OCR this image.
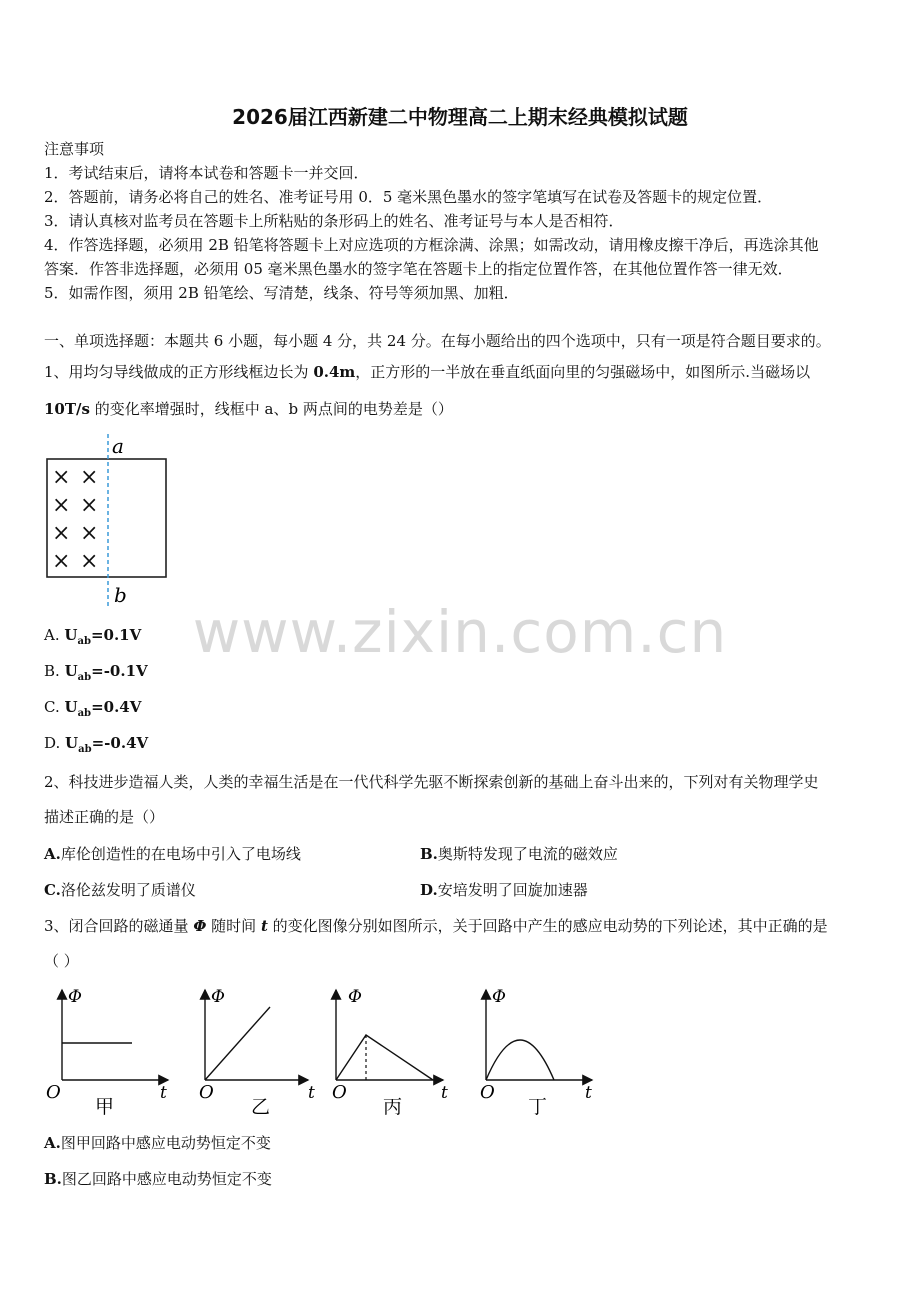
2026届江西新建二中物理高二上期末经典模拟试题
注意事项
1．考试结束后，请将本试卷和答题卡一并交回．
2．答题前，请务必将自己的姓名、准考证号用 0．5 毫米黑色墨水的签字笔填写在试卷及答题卡的规定位置．
3．请认真核对监考员在答题卡上所粘贴的条形码上的姓名、准考证号与本人是否相符．
4．作答选择题，必须用 2B 铅笔将答题卡上对应选项的方框涂满、涂黑；如需改动，请用橡皮擦干净后，再选涂其他
答案．作答非选择题，必须用 05 毫米黑色墨水的签字笔在答题卡上的指定位置作答，在其他位置作答一律无效．
5．如需作图，须用 2B 铅笔绘、写清楚，线条、符号等须加黑、加粗．
一、单项选择题：本题共 6 小题，每小题 4 分，共 24 分。在每小题给出的四个选项中，只有一项是符合题目要求的。
1、用均匀导线做成的正方形线框边长为 0.4m，正方形的一半放在垂直纸面向里的匀强磁场中，如图所示.当磁场以
10T/s 的变化率增强时，线框中 a、b 两点间的电势差是（）
a
b
× ×
× ×
× ×
× ×
www.zixin.com.cn
A. $U_{ab}=0.1V$
B. $U_{ab}=-0.1V$
C. $U_{ab}=0.4V$
D. $U_{ab}=-0.4V$
2、科技进步造福人类，人类的幸福生活是在一代代科学先驱不断探索创新的基础上奋斗出来的，下列对有关物理学史
描述正确的是（）
A.库伦创造性的在电场中引入了电场线	B.奥斯特发现了电流的磁效应
C.洛伦兹发明了质谱仪	D.安培发明了回旋加速器
3、闭合回路的磁通量 Φ 随时间 t 的变化图像分别如图所示，关于回路中产生的感应电动势的下列论述，其中正确的是
（ ）
Φ
O	t
甲
Φ
O	t
乙
Φ
O	t
丙
Φ
O	t
丁
A.图甲回路中感应电动势恒定不变
B.图乙回路中感应电动势恒定不变
